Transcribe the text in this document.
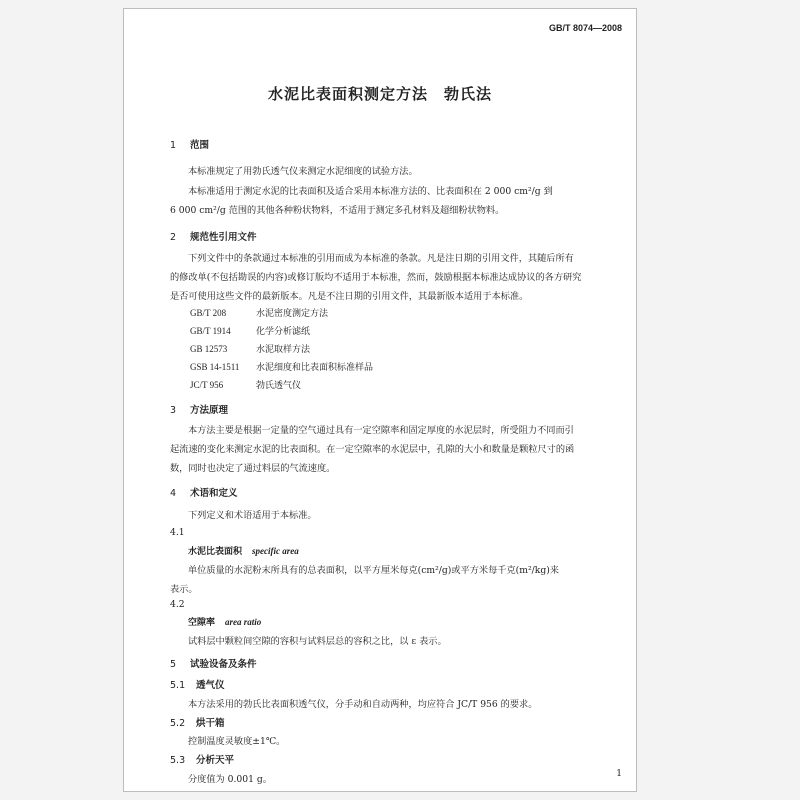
GB/T 8074—2008
水泥比表面积测定方法　勃氏法
1 范围
本标准规定了用勃氏透气仪来测定水泥细度的试验方法。
本标准适用于测定水泥的比表面积及适合采用本标准方法的、比表面积在 2 000 cm²/g 到
6 000 cm²/g 范围的其他各种粉状物料，不适用于测定多孔材料及超细粉状物料。
2 规范性引用文件
下列文件中的条款通过本标准的引用而成为本标准的条款。凡是注日期的引用文件，其随后所有
的修改单(不包括勘误的内容)或修订版均不适用于本标准，然而，鼓励根据本标准达成协议的各方研究
是否可使用这些文件的最新版本。凡是不注日期的引用文件，其最新版本适用于本标准。
GB/T 208	水泥密度测定方法
GB/T 1914	化学分析滤纸
GB 12573	水泥取样方法
GSB 14-1511 水泥细度和比表面积标准样品
JC/T 956	勃氏透气仪
3 方法原理
本方法主要是根据一定量的空气通过具有一定空隙率和固定厚度的水泥层时，所受阻力不同而引
起流速的变化来测定水泥的比表面积。在一定空隙率的水泥层中，孔隙的大小和数量是颗粒尺寸的函
数，同时也决定了通过料层的气流速度。
4 术语和定义
下列定义和术语适用于本标准。
4.1
水泥比表面积 specific area
单位质量的水泥粉末所具有的总表面积，以平方厘米每克(cm²/g)或平方米每千克(m²/kg)来
表示。
4.2
空隙率 area ratio
试料层中颗粒间空隙的容积与试料层总的容积之比，以 ε 表示。
5 试验设备及条件
5.1 透气仪
本方法采用的勃氏比表面积透气仪，分手动和自动两种，均应符合 JC/T 956 的要求。
5.2 烘干箱
控制温度灵敏度±1℃。
5.3 分析天平
分度值为 0.001 g。	1
